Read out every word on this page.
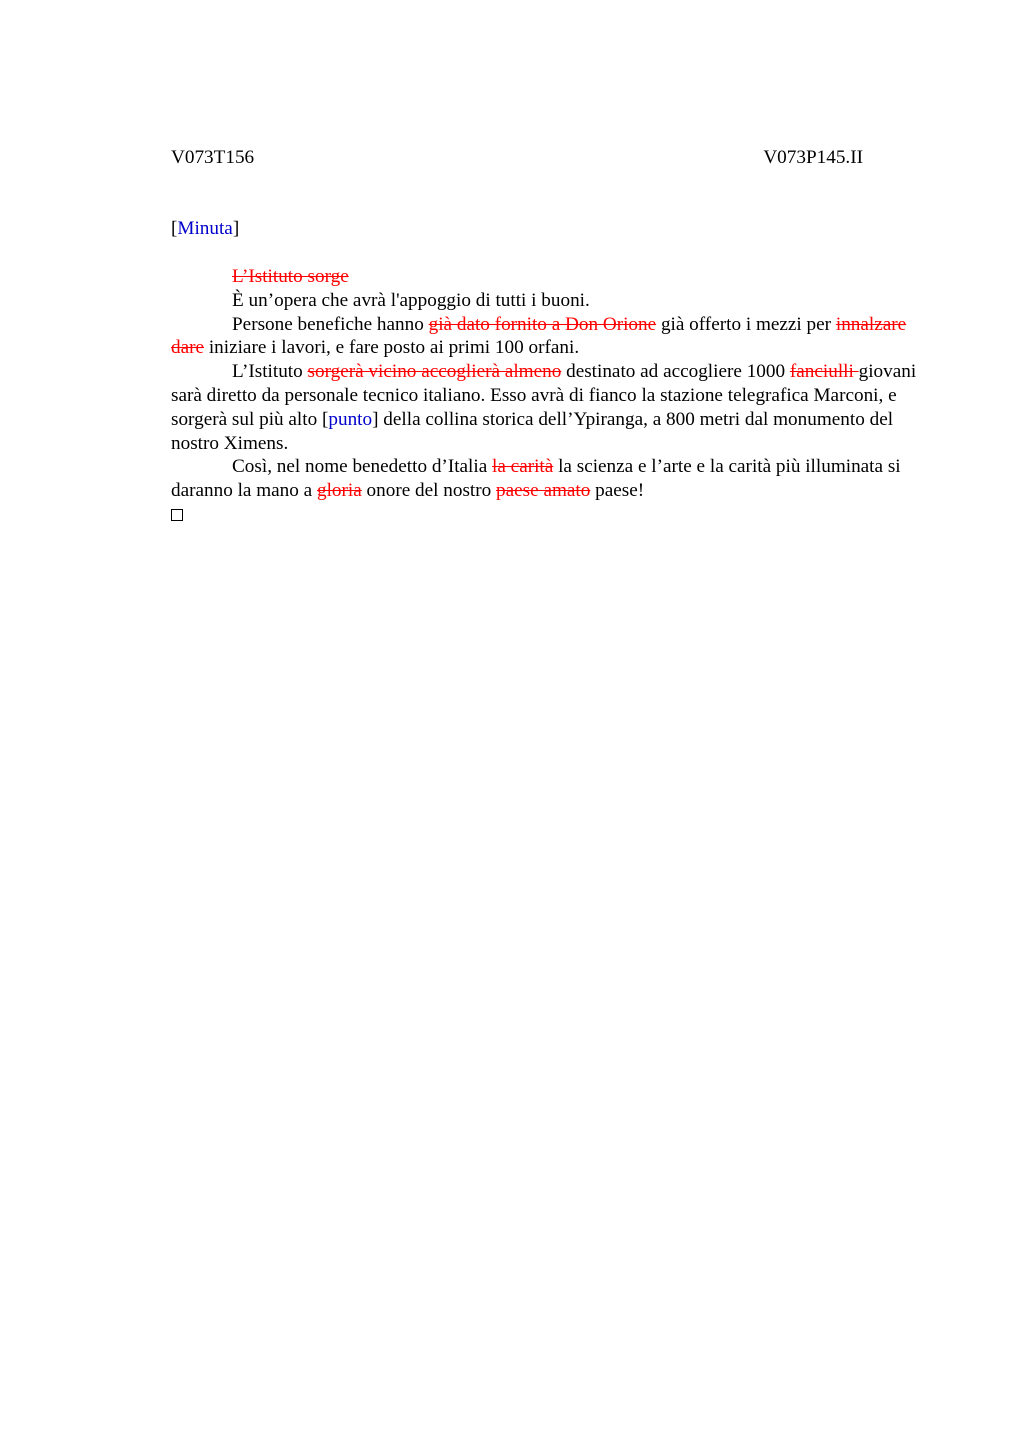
V073T156	V073P145.II
[Minuta]

L’Istituto sorge

È un’opera che avrà l'appoggio di tutti i buoni.

Persone benefiche hanno già dato fornito a Don Orione già offerto i mezzi per innalzare dare iniziare i lavori, e fare posto ai primi 100 orfani.

L’Istituto sorgerà vicino accoglierà almeno destinato ad accogliere 1000 fanciulli giovani sarà diretto da personale tecnico italiano. Esso avrà di fianco la stazione telegrafica Marconi, e sorgerà sul più alto [punto] della collina storica dell’Ypiranga, a 800 metri dal monumento del nostro Ximens.

Così, nel nome benedetto d’Italia la carità la scienza e l’arte e la carità più illuminata si daranno la mano a gloria onore del nostro paese amato paese!
